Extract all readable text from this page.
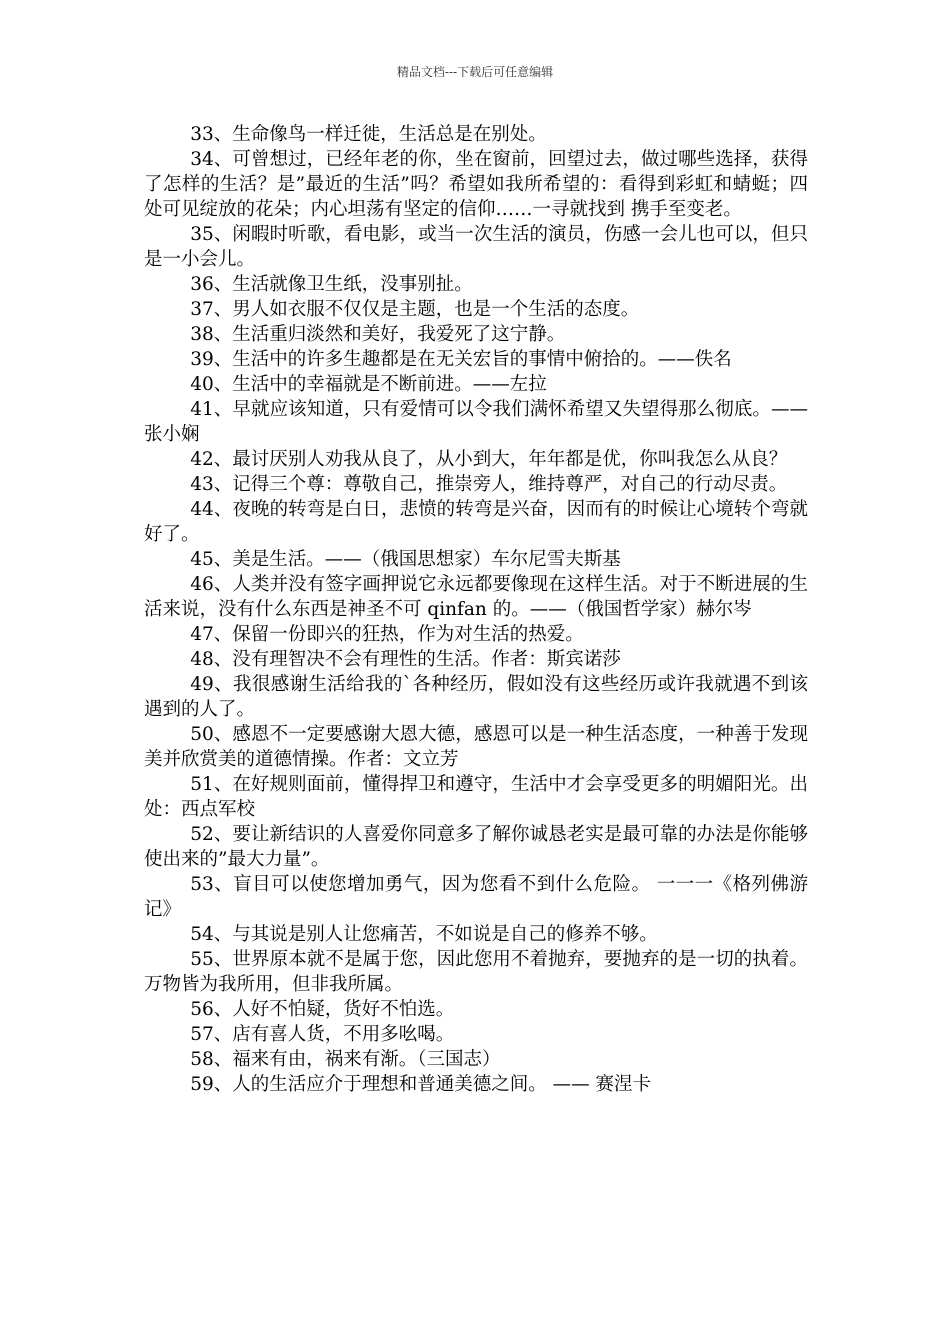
精品文档---下载后可任意编辑

33、生命像鸟一样迁徙，生活总是在别处。

34、可曾想过，已经年老的你，坐在窗前，回望过去，做过哪些选择，获得了怎样的生活？是”最近的生活”吗？希望如我所希望的：看得到彩虹和蜻蜓；四处可见绽放的花朵；内心坦荡有坚定的信仰……一寻就找到 携手至变老。

35、闲暇时听歌，看电影，或当一次生活的演员，伤感一会儿也可以，但只是一小会儿。

36、生活就像卫生纸，没事别扯。

37、男人如衣服不仅仅是主题，也是一个生活的态度。

38、生活重归淡然和美好，我爱死了这宁静。

39、生活中的许多生趣都是在无关宏旨的事情中俯拾的。——佚名

40、生活中的幸福就是不断前进。——左拉

41、早就应该知道，只有爱情可以令我们满怀希望又失望得那么彻底。——张小娴

42、最讨厌别人劝我从良了，从小到大，年年都是优，你叫我怎么从良？

43、记得三个尊：尊敬自己，推崇旁人，维持尊严，对自己的行动尽责。

44、夜晚的转弯是白日，悲愤的转弯是兴奋，因而有的时候让心境转个弯就好了。

45、美是生活。——（俄国思想家）车尔尼雪夫斯基

46、人类并没有签字画押说它永远都要像现在这样生活。对于不断进展的生活来说，没有什么东西是神圣不可 qinfan 的。——（俄国哲学家）赫尔岑

47、保留一份即兴的狂热，作为对生活的热爱。

48、没有理智决不会有理性的生活。作者：斯宾诺莎

49、我很感谢生活给我的`各种经历，假如没有这些经历或许我就遇不到该遇到的人了。

50、感恩不一定要感谢大恩大德，感恩可以是一种生活态度，一种善于发现美并欣赏美的道德情操。作者：文立芳

51、在好规则面前，懂得捍卫和遵守，生活中才会享受更多的明媚阳光。出处：西点军校

52、要让新结识的人喜爱你同意多了解你诚恳老实是最可靠的办法是你能够使出来的”最大力量”。

53、盲目可以使您增加勇气，因为您看不到什么危险。 一一一《格列佛游记》

54、与其说是别人让您痛苦，不如说是自己的修养不够。

55、世界原本就不是属于您，因此您用不着抛弃，要抛弃的是一切的执着。万物皆为我所用，但非我所属。

56、人好不怕疑，货好不怕选。

57、店有喜人货，不用多吆喝。

58、福来有由，祸来有渐。（三国志）

59、人的生活应介于理想和普通美德之间。 —— 赛涅卡
